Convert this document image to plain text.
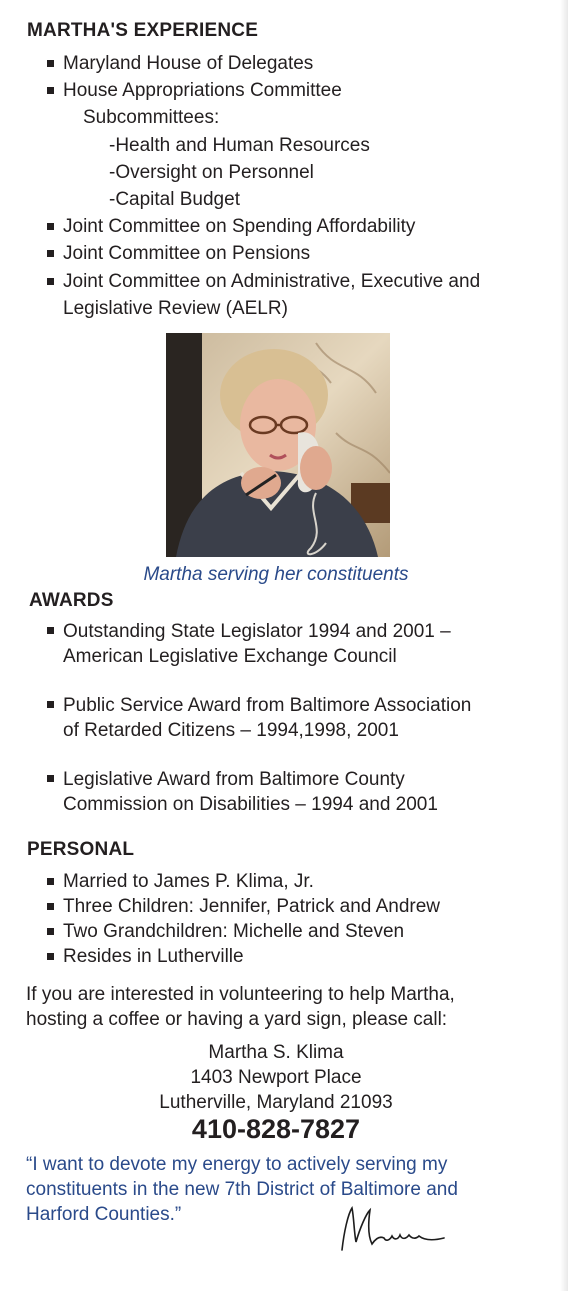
MARTHA'S EXPERIENCE
Maryland House of Delegates
House Appropriations Committee
Subcommittees:
-Health and Human Resources
-Oversight on Personnel
-Capital Budget
Joint Committee on Spending Affordability
Joint Committee on Pensions
Joint Committee on Administrative, Executive and
Legislative Review (AELR)
Martha serving her constituents
AWARDS
Outstanding State Legislator 1994 and 2001 –
American Legislative Exchange Council
Public Service Award from Baltimore Association
of Retarded Citizens – 1994,1998, 2001
Legislative Award from Baltimore County
Commission on Disabilities – 1994 and 2001
PERSONAL
Married to James P. Klima, Jr.
Three Children: Jennifer, Patrick and Andrew
Two Grandchildren: Michelle and Steven
Resides in Lutherville
If you are interested in volunteering to help Martha,
hosting a coffee or having a yard sign, please call:
Martha S. Klima
1403 Newport Place
Lutherville, Maryland 21093
410-828-7827
“I want to devote my energy to actively serving my
constituents in the new 7th District of Baltimore and
Harford Counties.”
